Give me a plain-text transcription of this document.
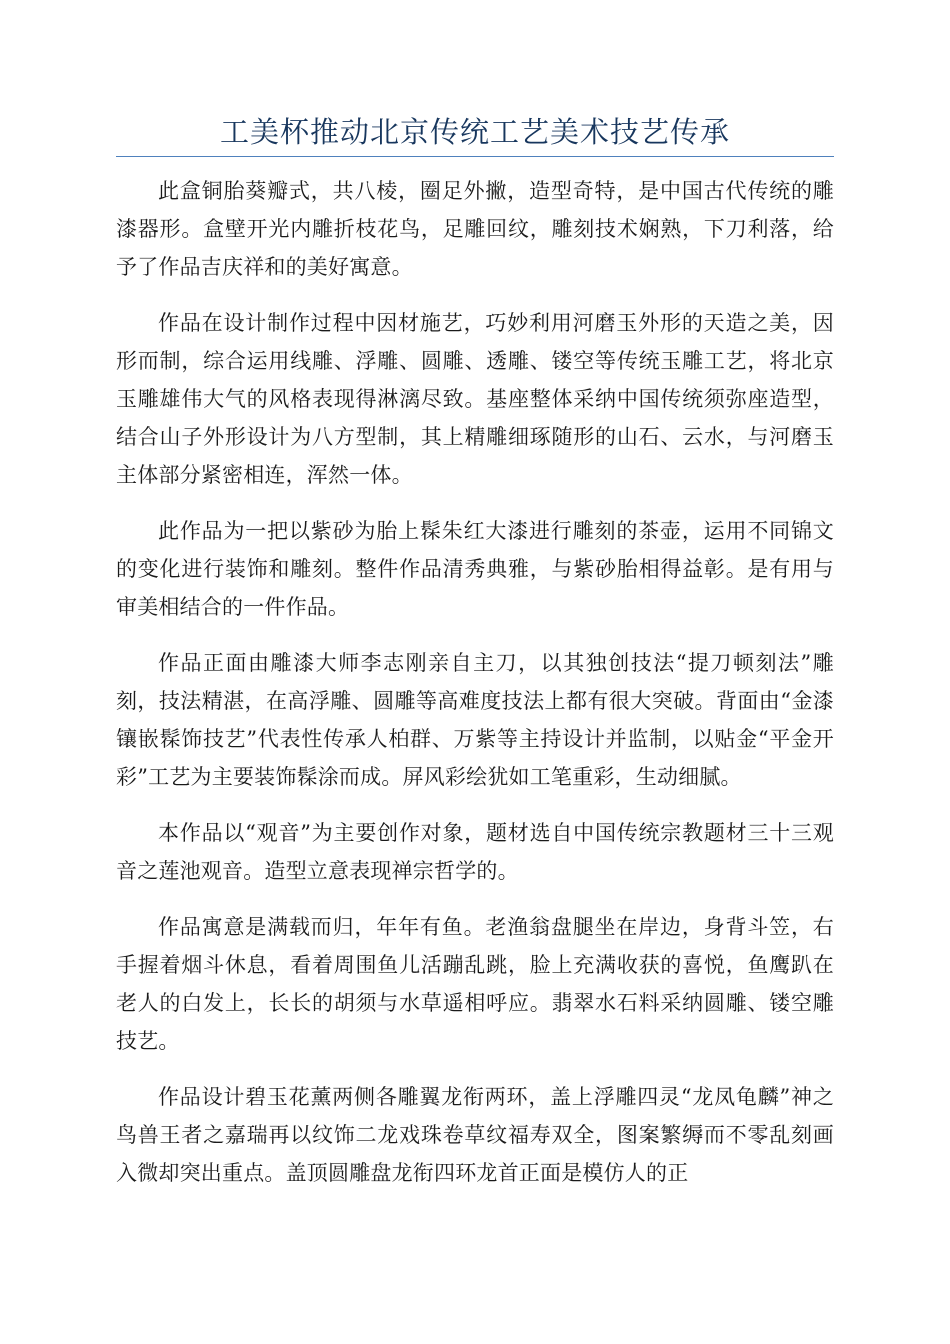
工美杯推动北京传统工艺美术技艺传承

此盒铜胎葵瓣式，共八棱，圈足外撇，造型奇特，是中国古代传统的雕漆器形。盒壁开光内雕折枝花鸟，足雕回纹，雕刻技术娴熟，下刀利落，给予了作品吉庆祥和的美好寓意。

作品在设计制作过程中因材施艺，巧妙利用河磨玉外形的天造之美，因形而制，综合运用线雕、浮雕、圆雕、透雕、镂空等传统玉雕工艺，将北京玉雕雄伟大气的风格表现得淋漓尽致。基座整体采纳中国传统须弥座造型，结合山子外形设计为八方型制，其上精雕细琢随形的山石、云水，与河磨玉主体部分紧密相连，浑然一体。

此作品为一把以紫砂为胎上髹朱红大漆进行雕刻的茶壶，运用不同锦文的变化进行装饰和雕刻。整件作品清秀典雅，与紫砂胎相得益彰。是有用与审美相结合的一件作品。

作品正面由雕漆大师李志刚亲自主刀，以其独创技法“提刀顿刻法”雕刻，技法精湛，在高浮雕、圆雕等高难度技法上都有很大突破。背面由“金漆镶嵌髹饰技艺”代表性传承人柏群、万紫等主持设计并监制，以贴金“平金开彩”工艺为主要装饰髹涂而成。屏风彩绘犹如工笔重彩，生动细腻。

本作品以“观音”为主要创作对象，题材选自中国传统宗教题材三十三观音之莲池观音。造型立意表现禅宗哲学的。

作品寓意是满载而归，年年有鱼。老渔翁盘腿坐在岸边，身背斗笠，右手握着烟斗休息，看着周围鱼儿活蹦乱跳，脸上充满收获的喜悦，鱼鹰趴在老人的白发上，长长的胡须与水草遥相呼应。翡翠水石料采纳圆雕、镂空雕技艺。

作品设计碧玉花薰两侧各雕翼龙衔两环，盖上浮雕四灵“龙凤龟麟”神之鸟兽王者之嘉瑞再以纹饰二龙戏珠卷草纹福寿双全，图案繁缛而不零乱刻画入微却突出重点。盖顶圆雕盘龙衔四环龙首正面是模仿人的正
